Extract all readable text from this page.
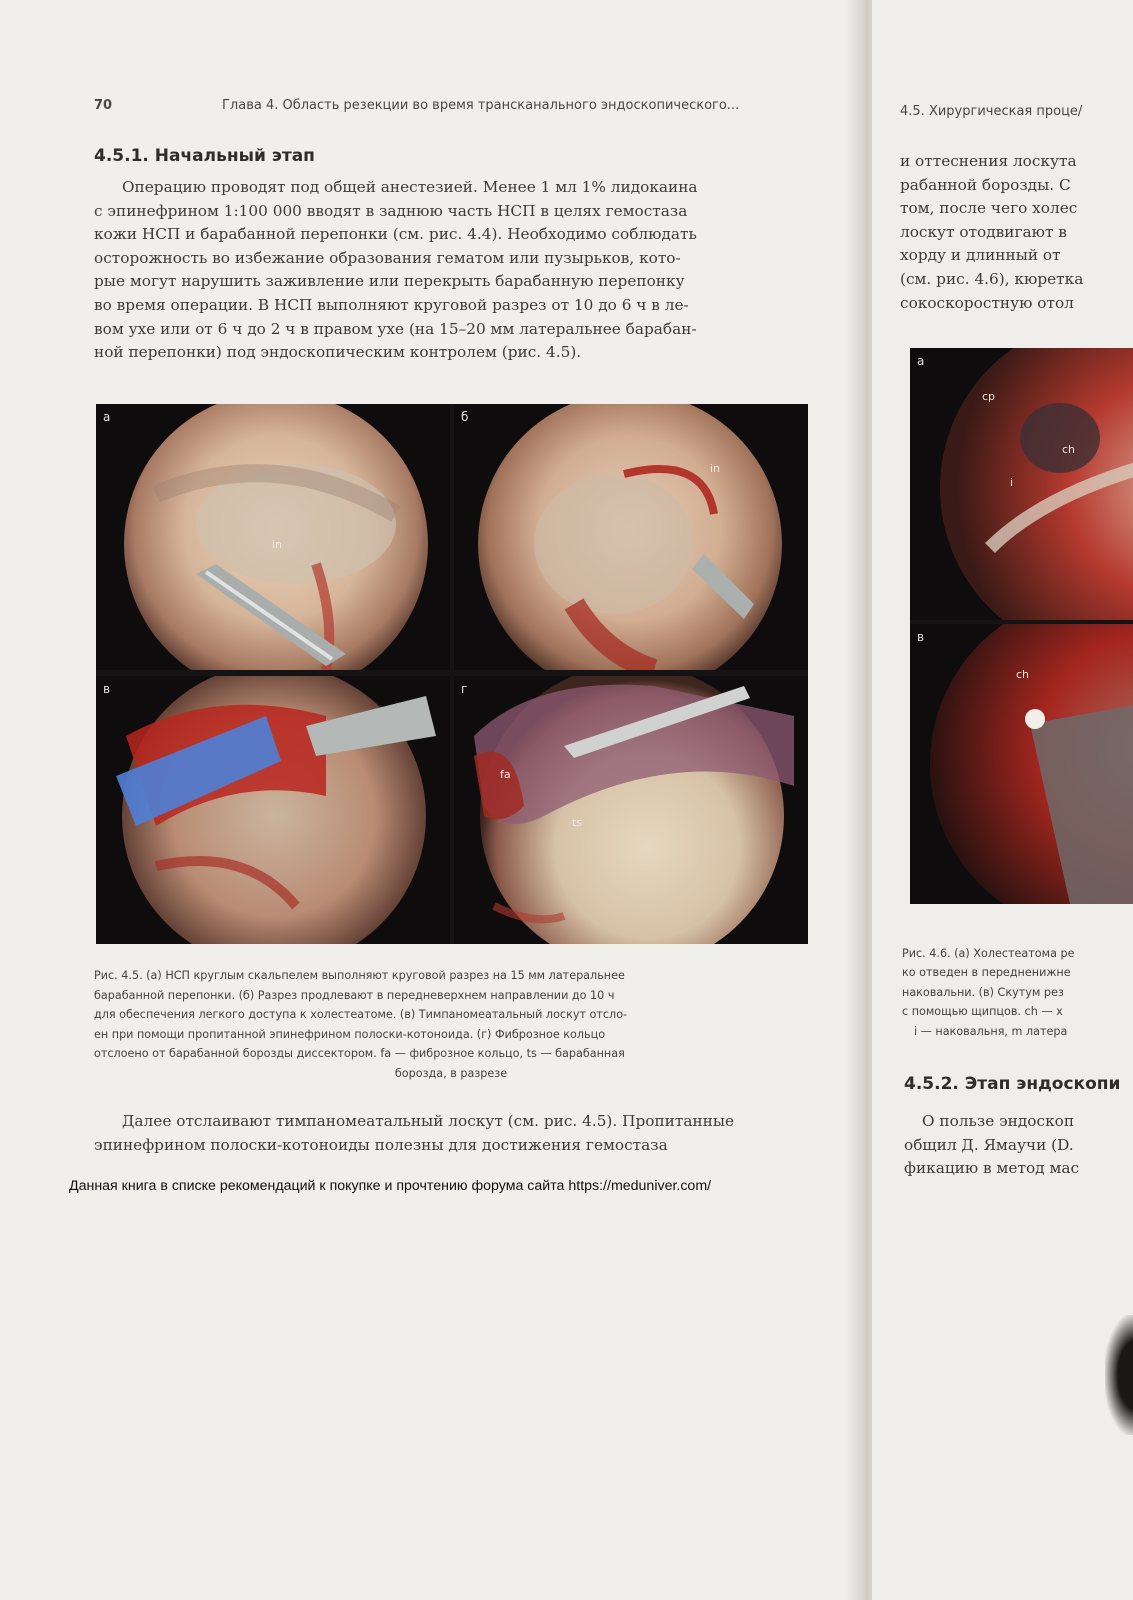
70	Глава 4. Область резекции во время трансканального эндоскопического...
4.5.1. Начальный этап
Операцию проводят под общей анестезией. Менее 1 мл 1% лидокаина
с эпинефрином 1:100 000 вводят в заднюю часть НСП в целях гемостаза
кожи НСП и барабанной перепонки (см. рис. 4.4). Необходимо соблюдать
осторожность во избежание образования гематом или пузырьков, кото-
рые могут нарушить заживление или перекрыть барабанную перепонку
во время операции. В НСП выполняют круговой разрез от 10 до 6 ч в ле-
вом ухе или от 6 ч до 2 ч в правом ухе (на 15–20 мм латеральнее барабан-
ной перепонки) под эндоскопическим контролем (рис. 4.5).
а
in
б
in
в	г
fa
ts
Рис. 4.5. (а) НСП круглым скальпелем выполняют круговой разрез на 15 мм латеральнее
барабанной перепонки. (б) Разрез продлевают в передневерхнем направлении до 10 ч
для обеспечения легкого доступа к холестеатоме. (в) Тимпаномеатальный лоскут отсло-
ен при помощи пропитанной эпинефрином полоски-котоноида. (г) Фиброзное кольцо
отслоено от барабанной борозды диссектором. fa — фиброзное кольцо, ts — барабанная
борозда, в разрезе
Далее отслаивают тимпаномеатальный лоскут (см. рис. 4.5). Пропитанные
эпинефрином полоски-котоноиды полезны для достижения гемостаза
Данная книга в списке рекомендаций к покупке и прочтению форума сайта https://meduniver.com/
4.5. Хирургическая проце/
и оттеснения лоскута
рабанной борозды. С
том, после чего холес
лоскут отодвигают в
хорду и длинный от
(см. рис. 4.6), кюретка
сокоскоростную отол
а
cp
ch
i
в
ch
Рис. 4.6. (а) Холестеатома ре
ко отведен в передненижне
наковальни. (в) Скутум рез
с помощью щипцов. ch — х
i — наковальня, m латера
4.5.2. Этап эндоскопи
О пользе эндоскоп
общил Д. Ямаучи (D.
фикацию в метод мас
